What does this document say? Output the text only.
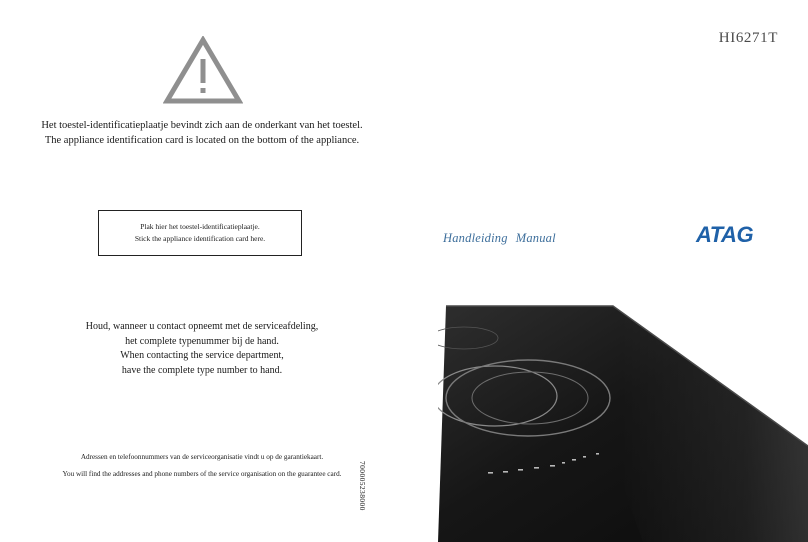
Het toestel-identificatieplaatje bevindt zich aan de onderkant van het toestel.
The appliance identification card is located on the bottom of the appliance.
Plak hier het toestel-identificatieplaatje.
Stick the appliance identification card here.
Houd, wanneer u contact opneemt met de serviceafdeling,
het complete typenummer bij de hand.
When contacting the service department,
have the complete type number to hand.
Adressen en telefoonnummers van de serviceorganisatie vindt u op de garantiekaart.
You will find the addresses and phone numbers of the service organisation on the guarantee card.	700005238000
HI6271T
Handleiding Manual	ATAG
